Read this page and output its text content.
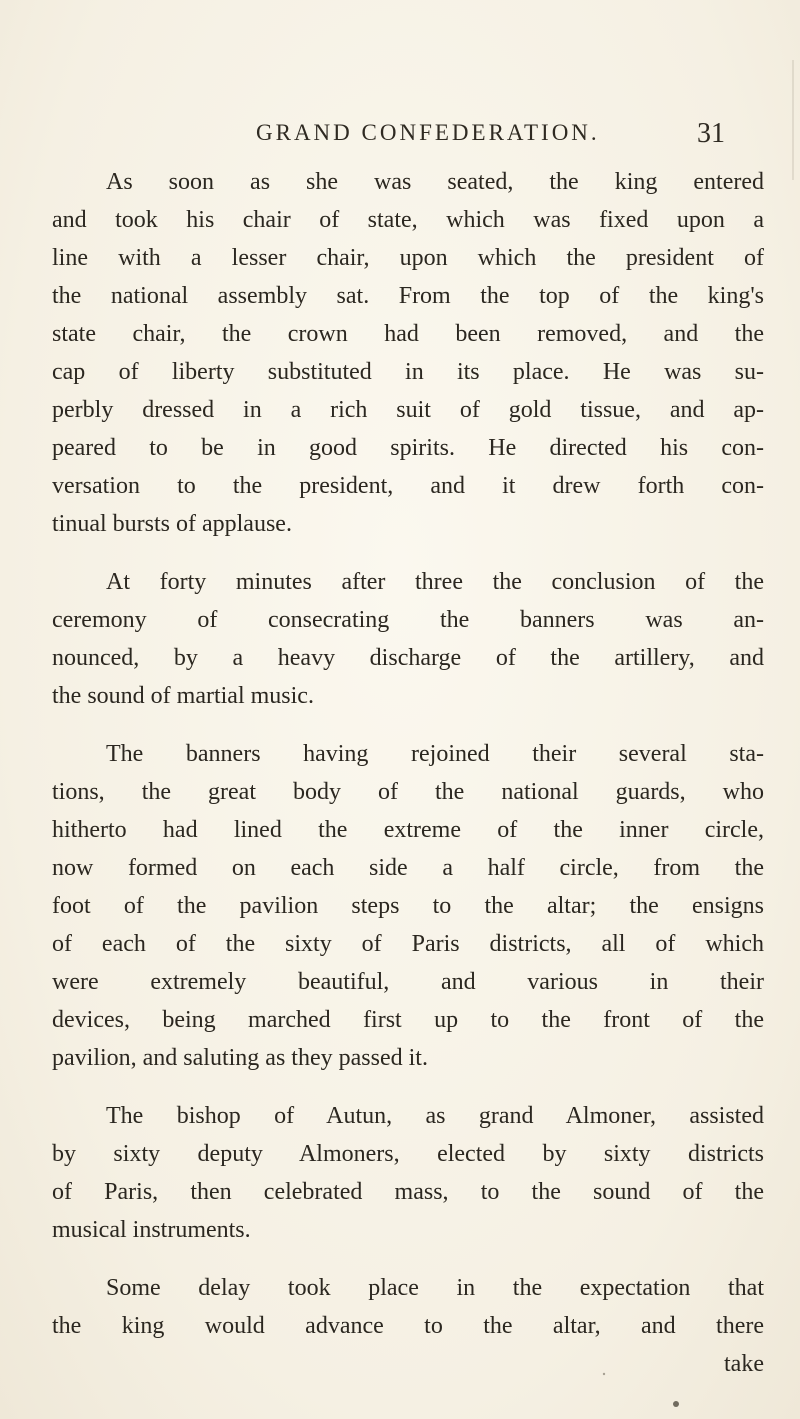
GRAND CONFEDERATION.	31
As soon as she was seated, the king entered
and took his chair of state, which was fixed upon a
line with a lesser chair, upon which the president of
the national assembly sat. From the top of the king's
state chair, the crown had been removed, and the
cap of liberty substituted in its place. He was su-
perbly dressed in a rich suit of gold tissue, and ap-
peared to be in good spirits. He directed his con-
versation to the president, and it drew forth con-
tinual bursts of applause.
At forty minutes after three the conclusion of the
ceremony of consecrating the banners was an-
nounced, by a heavy discharge of the artillery, and
the sound of martial music.
The banners having rejoined their several sta-
tions, the great body of the national guards, who
hitherto had lined the extreme of the inner circle,
now formed on each side a half circle, from the
foot of the pavilion steps to the altar; the ensigns
of each of the sixty of Paris districts, all of which
were extremely beautiful, and various in their
devices, being marched first up to the front of the
pavilion, and saluting as they passed it.
The bishop of Autun, as grand Almoner, assisted
by sixty deputy Almoners, elected by sixty districts
of Paris, then celebrated mass, to the sound of the
musical instruments.
Some delay took place in the expectation that
the king would advance to the altar, and there
take
